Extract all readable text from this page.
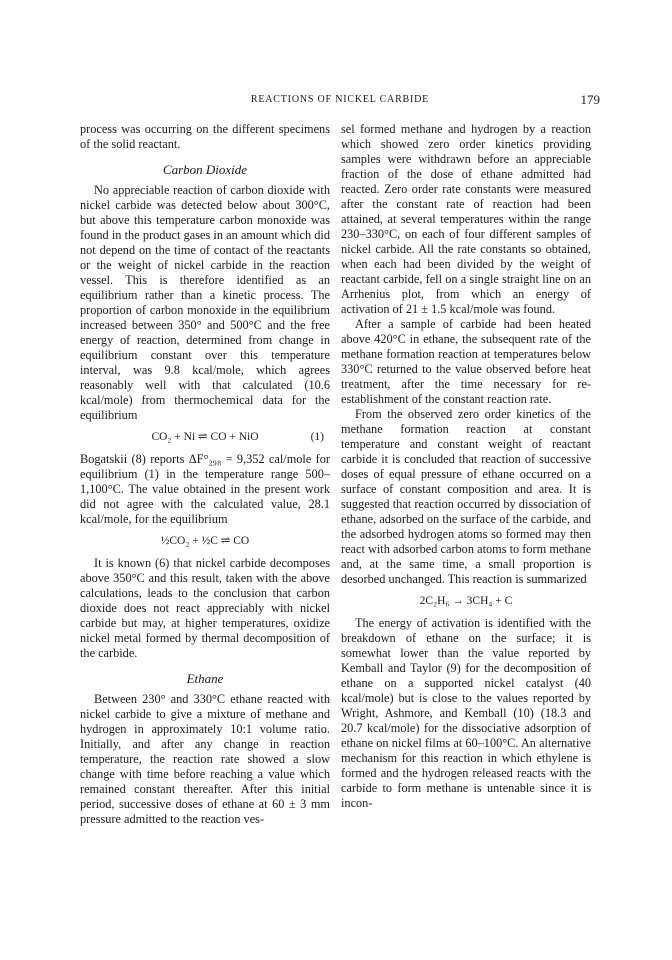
REACTIONS OF NICKEL CARBIDE	179

process was occurring on the different specimens of the solid reactant.

Carbon Dioxide

No appreciable reaction of carbon dioxide with nickel carbide was detected below about 300°C, but above this temperature carbon monoxide was found in the product gases in an amount which did not depend on the time of contact of the reactants or the weight of nickel carbide in the reaction vessel. This is therefore identified as an equilibrium rather than a kinetic process. The proportion of carbon monoxide in the equilibrium increased between 350° and 500°C and the free energy of reaction, determined from change in equilibrium constant over this temperature interval, was 9.8 kcal/mole, which agrees reasonably well with that calculated (10.6 kcal/mole) from thermochemical data for the equilibrium

CO₂ + Ni ⇌ CO + NiO	(1)

Bogatskii (8) reports ΔF°₂₉₈ = 9,352 cal/mole for equilibrium (1) in the temperature range 500–1,100°C. The value obtained in the present work did not agree with the calculated value, 28.1 kcal/mole, for the equilibrium

½CO₂ + ½C ⇌ CO

It is known (6) that nickel carbide decomposes above 350°C and this result, taken with the above calculations, leads to the conclusion that carbon dioxide does not react appreciably with nickel carbide but may, at higher temperatures, oxidize nickel metal formed by thermal decomposition of the carbide.

Ethane

Between 230° and 330°C ethane reacted with nickel carbide to give a mixture of methane and hydrogen in approximately 10:1 volume ratio. Initially, and after any change in reaction temperature, the reaction rate showed a slow change with time before reaching a value which remained constant thereafter. After this initial period, successive doses of ethane at 60 ± 3 mm pressure admitted to the reaction ves-

sel formed methane and hydrogen by a reaction which showed zero order kinetics providing samples were withdrawn before an appreciable fraction of the dose of ethane admitted had reacted. Zero order rate constants were measured after the constant rate of reaction had been attained, at several temperatures within the range 230–330°C, on each of four different samples of nickel carbide. All the rate constants so obtained, when each had been divided by the weight of reactant carbide, fell on a single straight line on an Arrhenius plot, from which an energy of activation of 21 ± 1.5 kcal/mole was found.

After a sample of carbide had been heated above 420°C in ethane, the subsequent rate of the methane formation reaction at temperatures below 330°C returned to the value observed before heat treatment, after the time necessary for re-establishment of the constant reaction rate.

From the observed zero order kinetics of the methane formation reaction at constant temperature and constant weight of reactant carbide it is concluded that reaction of successive doses of equal pressure of ethane occurred on a surface of constant composition and area. It is suggested that reaction occurred by dissociation of ethane, adsorbed on the surface of the carbide, and the adsorbed hydrogen atoms so formed may then react with adsorbed carbon atoms to form methane and, at the same time, a small proportion is desorbed unchanged. This reaction is summarized

2C₂H₆ → 3CH₄ + C

The energy of activation is identified with the breakdown of ethane on the surface; it is somewhat lower than the value reported by Kemball and Taylor (9) for the decomposition of ethane on a supported nickel catalyst (40 kcal/mole) but is close to the values reported by Wright, Ashmore, and Kemball (10) (18.3 and 20.7 kcal/mole) for the dissociative adsorption of ethane on nickel films at 60–100°C. An alternative mechanism for this reaction in which ethylene is formed and the hydrogen released reacts with the carbide to form methane is untenable since it is incon-
